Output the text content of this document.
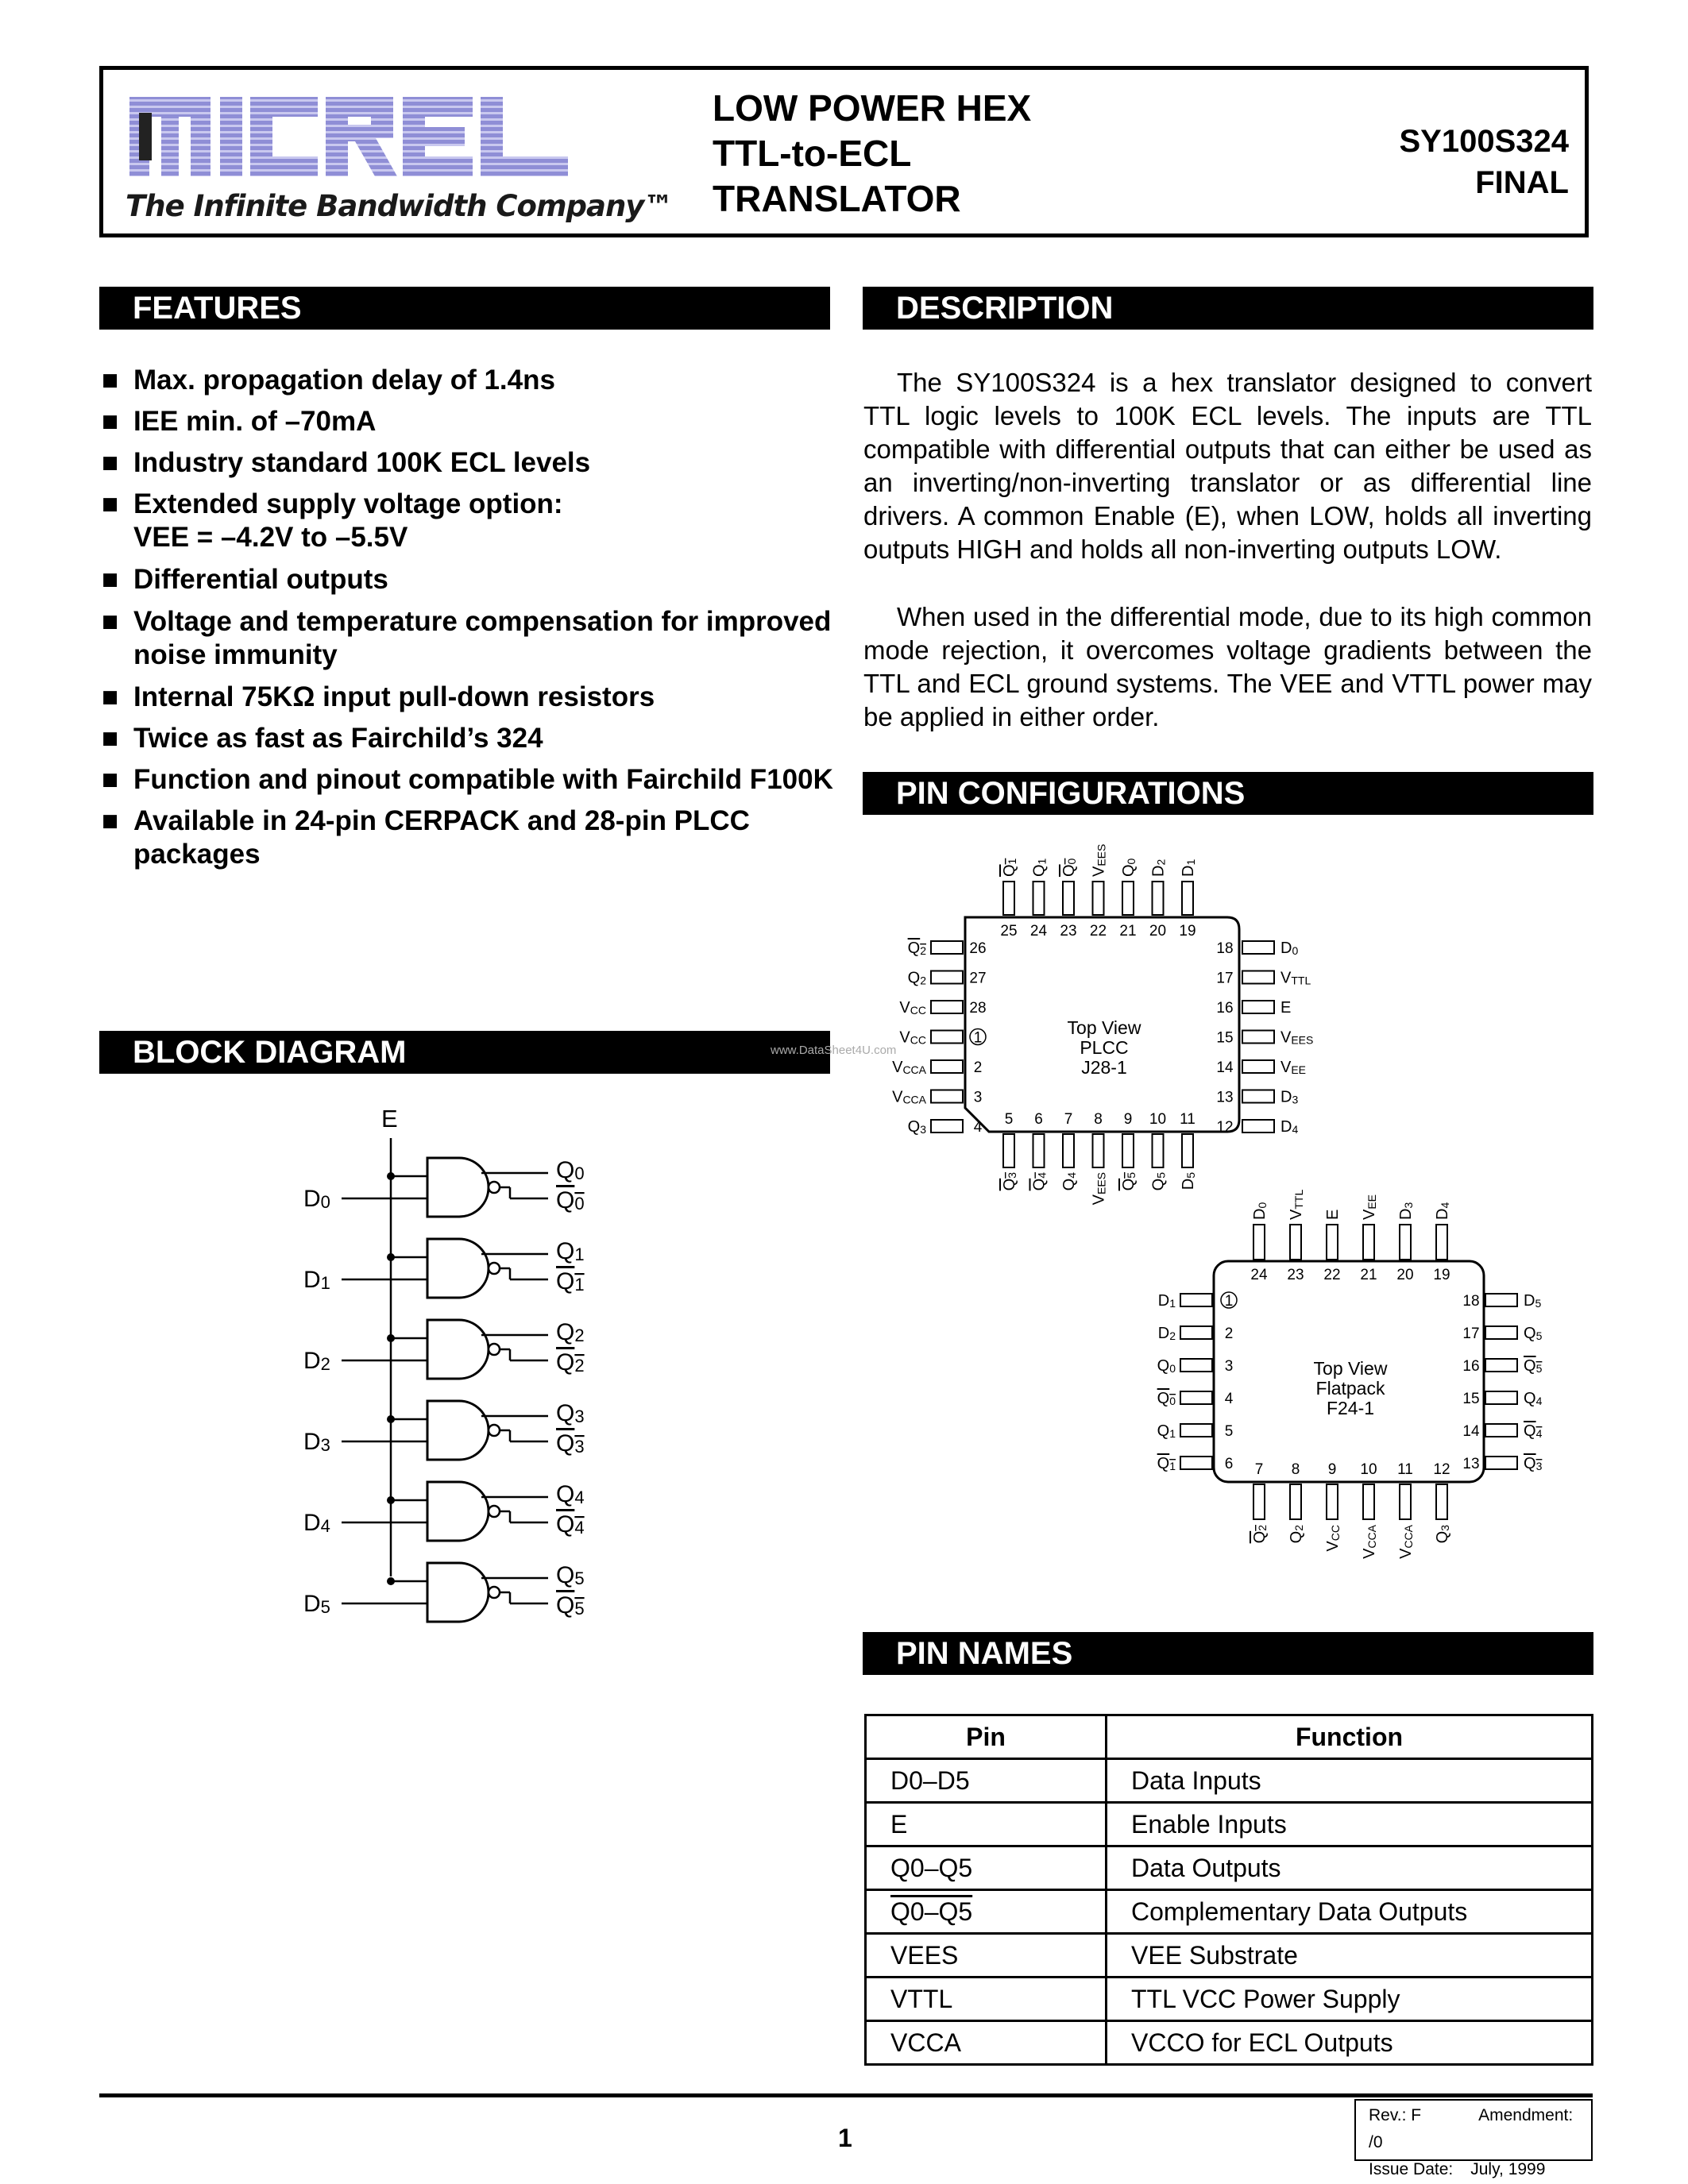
The Infinite Bandwidth Company™
LOW POWER HEX
TTL-to-ECL
TRANSLATOR
SY100S324
FINAL
FEATURES
■ Max. propagation delay of 1.4ns
■ IEE min. of –70mA
■ Industry standard 100K ECL levels
■ Extended supply voltage option:
VEE = –4.2V to –5.5V
■ Differential outputs
■ Voltage and temperature compensation for improved
noise immunity
■ Internal 75KΩ input pull-down resistors
■ Twice as fast as Fairchild’s 324
■ Function and pinout compatible with Fairchild F100K
■ Available in 24-pin CERPACK and 28-pin PLCC
packages
DESCRIPTION
The SY100S324 is a hex translator designed to convert TTL logic levels to 100K ECL levels. The inputs are TTL compatible with differential outputs that can either be used as an inverting/non-inverting translator or as differential line drivers. A common Enable (E), when LOW, holds all inverting outputs HIGH and holds all non-inverting outputs LOW.
When used in the differential mode, due to its high common mode rejection, it overcomes voltage gradients between the TTL and ECL ground systems. The VEE and VTTL power may be applied in either order.
BLOCK DIAGRAM
E
D0
Q0
Q0
D1
Q1
Q1
D2
Q2
Q2
D3
Q3
Q3
D4
Q4
Q4
D5
Q5
Q5
PIN CONFIGURATIONS
www.DataSheet4U.com
Top View
PLCC
J28-1
25
Q1
24
Q1
23
Q0
22
VEES
21
Q0
20
D2
19
D1
5
Q3
6
Q4
7
Q4
8
VEES
9
Q5
10
Q5
11
D5
26
Q2
27
Q2
28
VCC
1
VCC
2
VCCA
3
VCCA
4
Q3
18	D0
17	VTTL
16	E
15	VEES
14	VEE
13	D3
12	D4
Top View
Flatpack
F24-1
24
D0
23
VTTL
22
E
21
VEE
20
D3
19
D4
7
Q2
8
Q2
9
VCC
10
VCCA
11
VCCA
12
Q3
1
D1
2
D2
3
Q0
4
Q0
5
Q1
6
Q1
18	D5
17	Q5
16	Q5
15	Q4
14	Q4
13	Q3
PIN NAMES
Pin	Function
D0–D5	Data Inputs
E	Enable Inputs
Q0–Q5	Data Outputs
Q0–Q5	Complementary Data Outputs
VEES	VEE Substrate
VTTL	TTL VCC Power Supply
VCCA	VCCO for ECL Outputs
1
Rev.: F	Amendment: /0
Issue Date: July, 1999
